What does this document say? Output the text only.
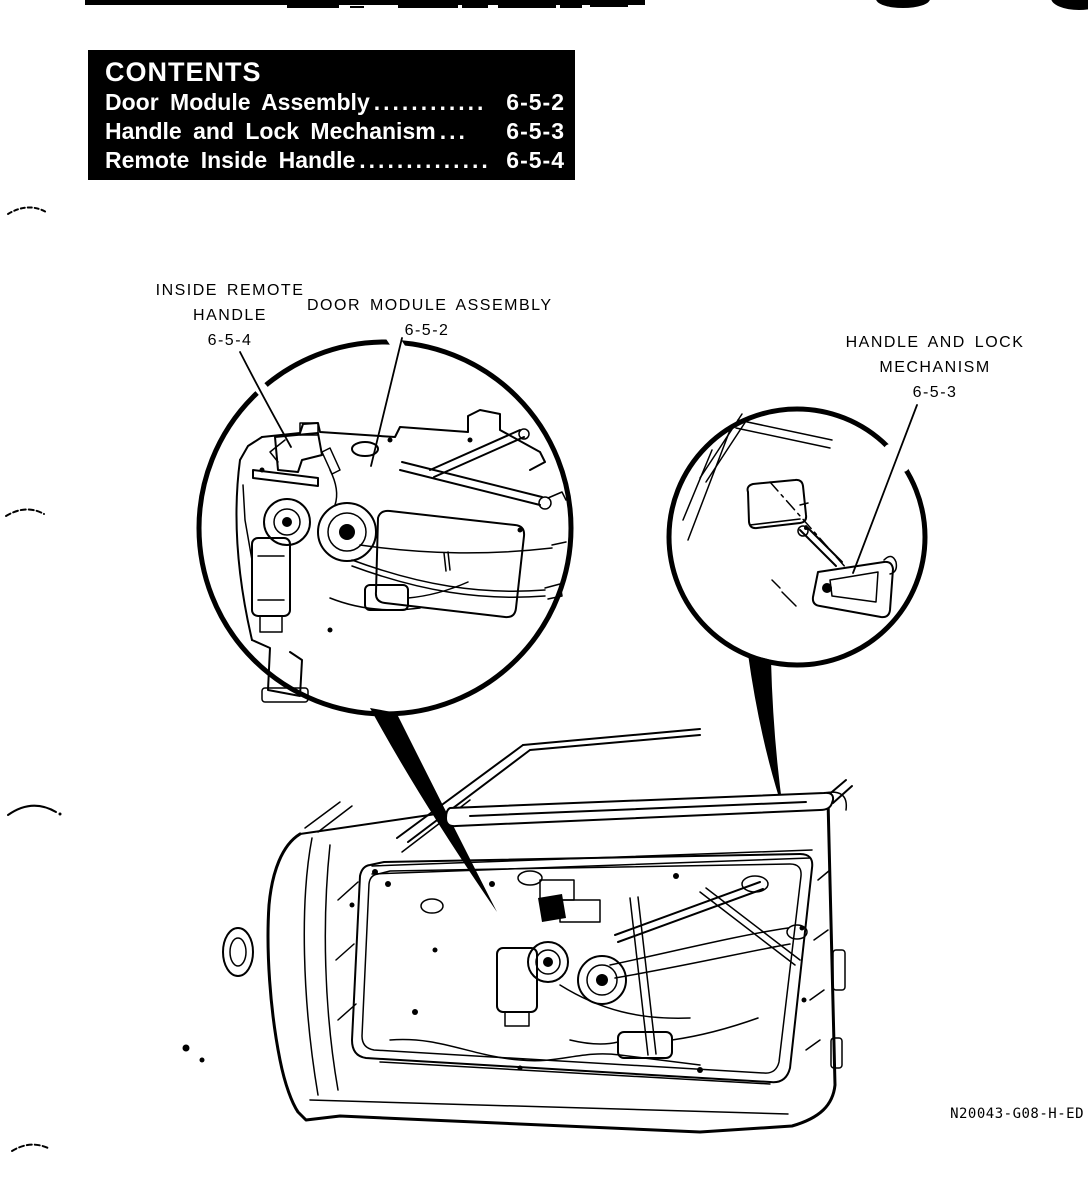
CONTENTS
Door Module Assembly ............ 6-5-2
Handle and Lock Mechanism ...	6-5-3
Remote Inside Handle .............. 6-5-4
INSIDE REMOTE
HANDLE
6-5-4
DOOR MODULE ASSEMBLY
6-5-2
HANDLE AND LOCK
MECHANISM
6-5-3
N20043-G08-H-ED
